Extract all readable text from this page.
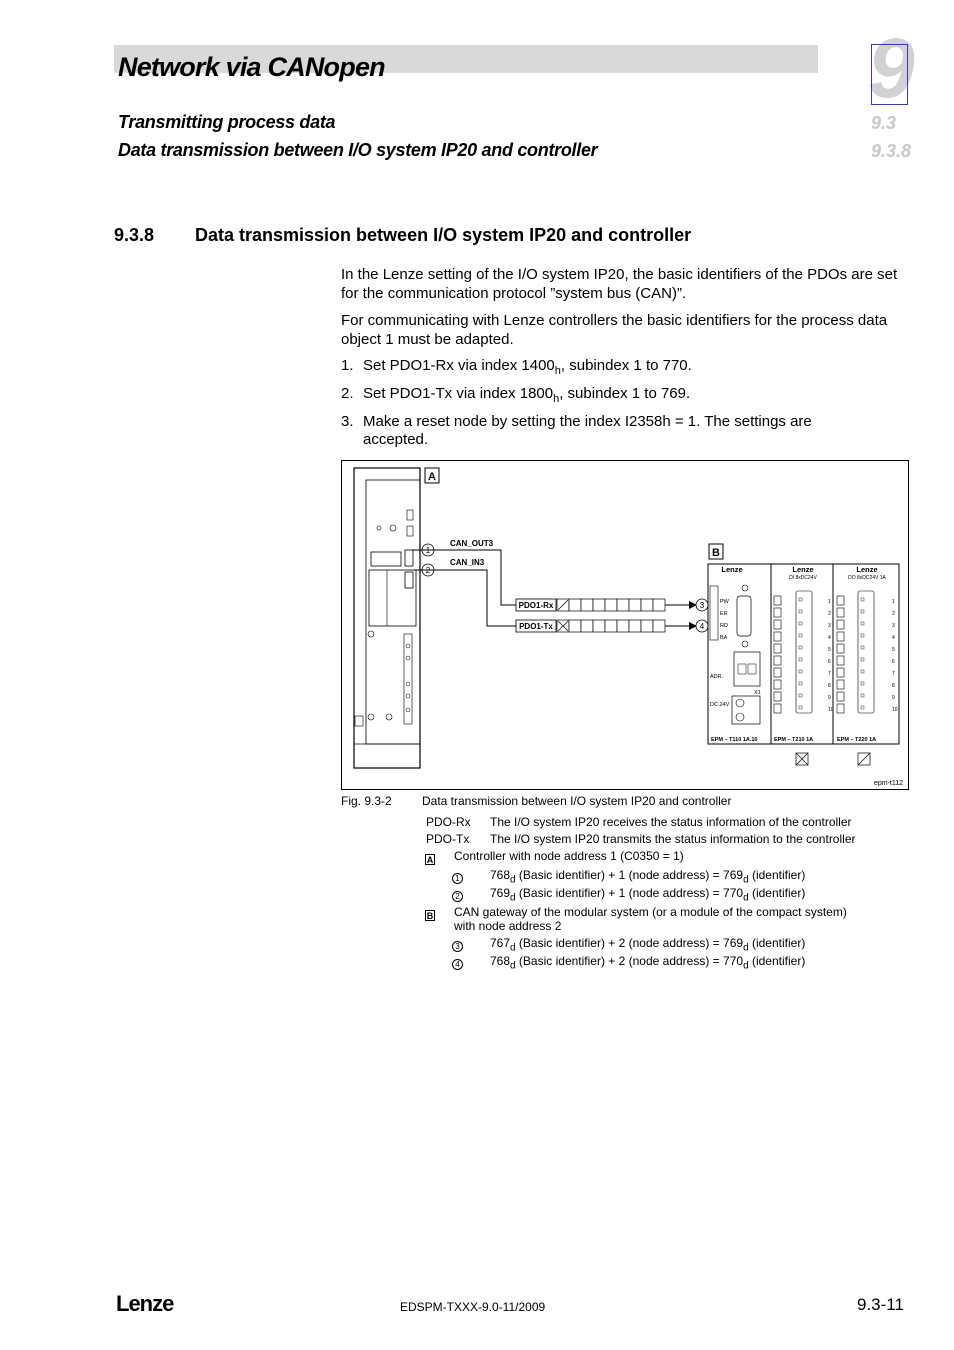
Network via CANopen
Transmitting process data
Data transmission between I/O system IP20 and controller
9
9.3
9.3.8
9.3.8 Data transmission between I/O system IP20 and controller
In the Lenze setting of the I/O system IP20, the basic identifiers of the PDOs are set for the communication protocol ”system bus (CAN)”.
For communicating with Lenze controllers the basic identifiers for the process data object 1 must be adapted.
1. Set PDO1-Rx via index $1400_h$, subindex 1 to 770.
2. Set PDO1-Tx via index $1800_h$, subindex 1 to 769.
3. Make a reset node by setting the index I2358h = 1. The settings are accepted.
A
1
2
CAN_OUT3
CAN_IN3
PDO1-Rx
PDO1-Tx
3
4
B
Lenze	Lenze	Lenze
DI 8xDC24V	DO 8xDC24V 1A
PW
ER
RD
BA
ADR.
X1
DC 24V
1
2
3
4
5
6
7
8
9
10
1
2
3
4
5
6
7
8
9
10
EPM – T110 1A.10	EPM – T210 1A	EPM – T220 1A
epm-t112
Fig. 9.3-2	Data transmission between I/O system IP20 and controller
PDO-Rx The I/O system IP20 receives the status information of the controller
PDO-Tx The I/O system IP20 transmits the status information to the controller
A Controller with node address 1 (C0350 = 1)
1	$768_d$ (Basic identifier) + 1 (node address) = $769_d$ (identifier)
2	$769_d$ (Basic identifier) + 1 (node address) = $770_d$ (identifier)
B CAN gateway of the modular system (or a module of the compact system)
with node address 2
3	$767_d$ (Basic identifier) + 2 (node address) = $769_d$ (identifier)
4	$768_d$ (Basic identifier) + 2 (node address) = $770_d$ (identifier)
Lenze	EDSPM-TXXX-9.0-11/2009	9.3-11
